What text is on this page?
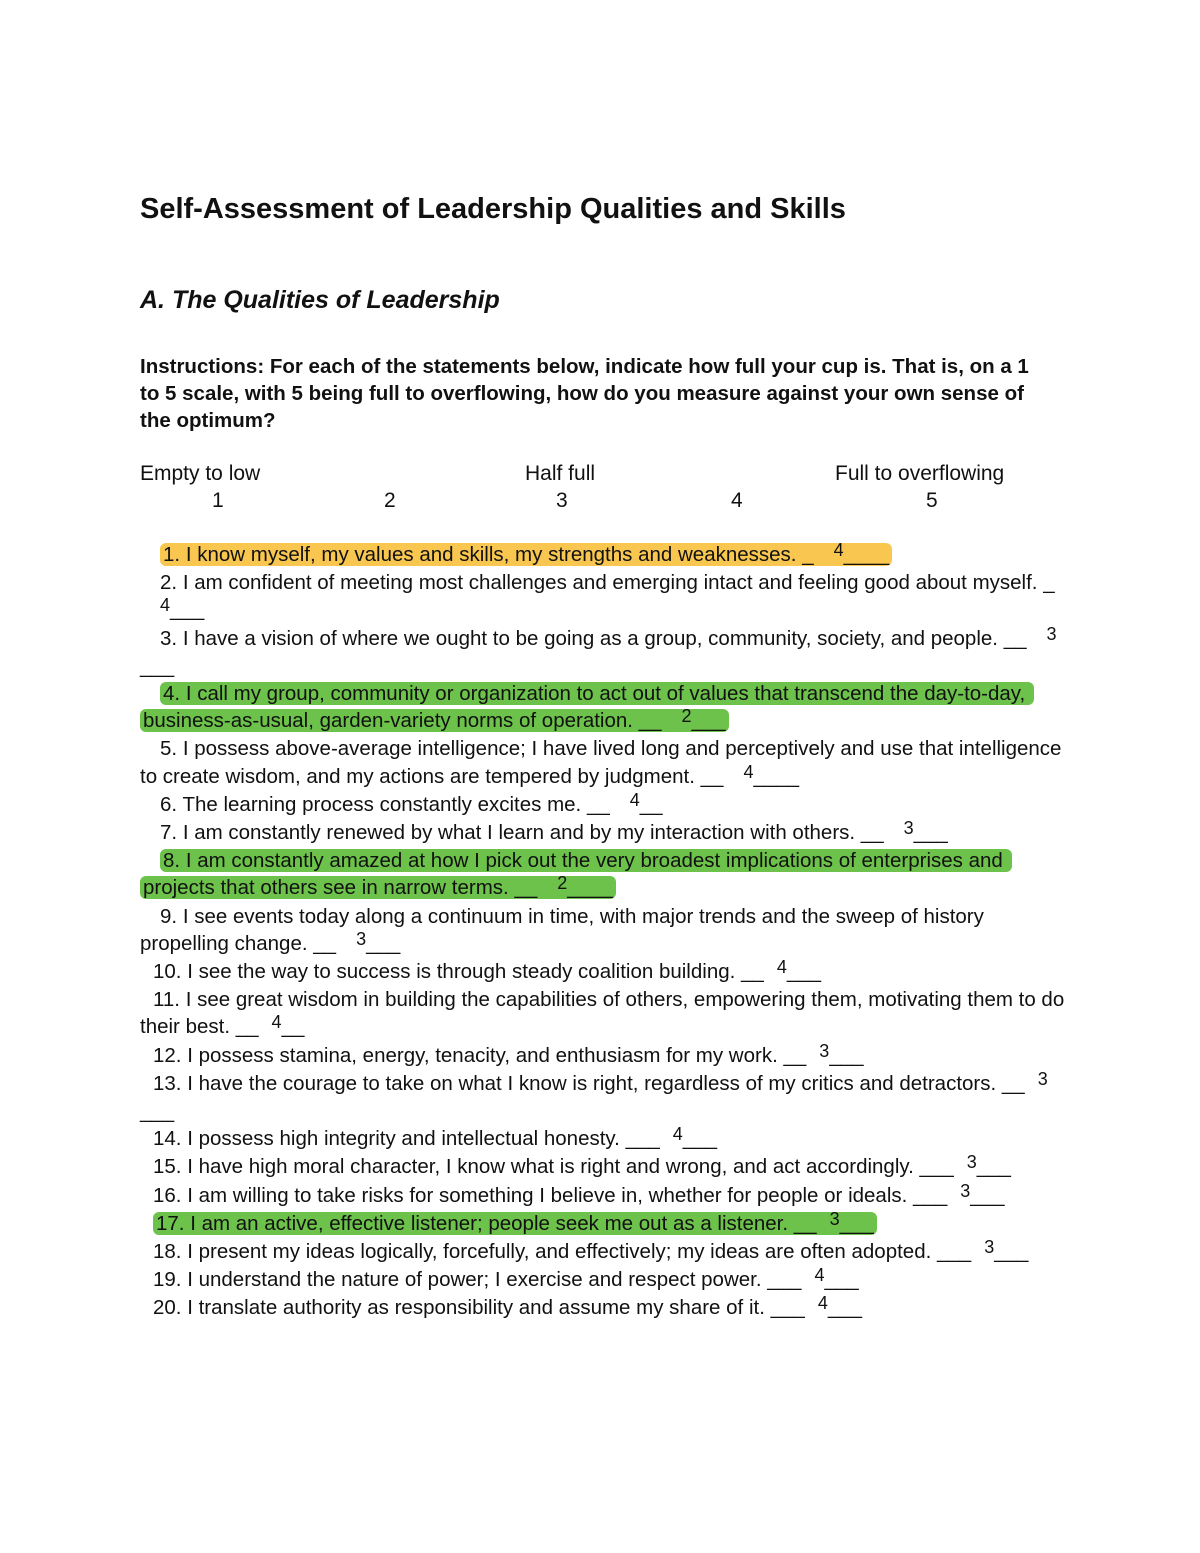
Self-Assessment of Leadership Qualities and Skills
A. The Qualities of Leadership
Instructions: For each of the statements below, indicate how full your cup is. That is, on a 1 to 5 scale, with 5 being full to overflowing, how do you measure against your own sense of the optimum?
Empty to low	Half full	Full to overflowing
1	2	3	4	5
1. I know myself, my values and skills, my strengths and weaknesses. _ 4____
2. I am confident of meeting most challenges and emerging intact and feeling good about myself. _4___
3. I have a vision of where we ought to be going as a group, community, society, and people. __ 3___
4. I call my group, community or organization to act out of values that transcend the day-to-day, business-as-usual, garden-variety norms of operation. __ 2___
5. I possess above-average intelligence; I have lived long and perceptively and use that intelligence to create wisdom, and my actions are tempered by judgment. __ 4____
6. The learning process constantly excites me. __ 4__
7. I am constantly renewed by what I learn and by my interaction with others. __ 3___
8. I am constantly amazed at how I pick out the very broadest implications of enterprises and projects that others see in narrow terms. __ 2____
9. I see events today along a continuum in time, with major trends and the sweep of history propelling change. __ 3___
10. I see the way to success is through steady coalition building. __ 4___
11. I see great wisdom in building the capabilities of others, empowering them, motivating them to do    their best. __ 4__
12. I possess stamina, energy, tenacity, and enthusiasm for my work. __ 3___
13. I have the courage to take on what I know is right, regardless of my critics and detractors. __ 3___
14. I possess high integrity and intellectual honesty. ___ 4___
15. I have high moral character, I know what is right and wrong, and act accordingly. ___ 3___
16. I am willing to take risks for something I believe in, whether for people or ideals. ___ 3___
17. I am an active, effective listener; people seek me out as a listener. __ 3___
18. I present my ideas logically, forcefully, and effectively; my ideas are often adopted. ___ 3___
19. I understand the nature of power; I exercise and respect power. ___ 4___
20. I translate authority as responsibility and assume my share of it. ___ 4___
